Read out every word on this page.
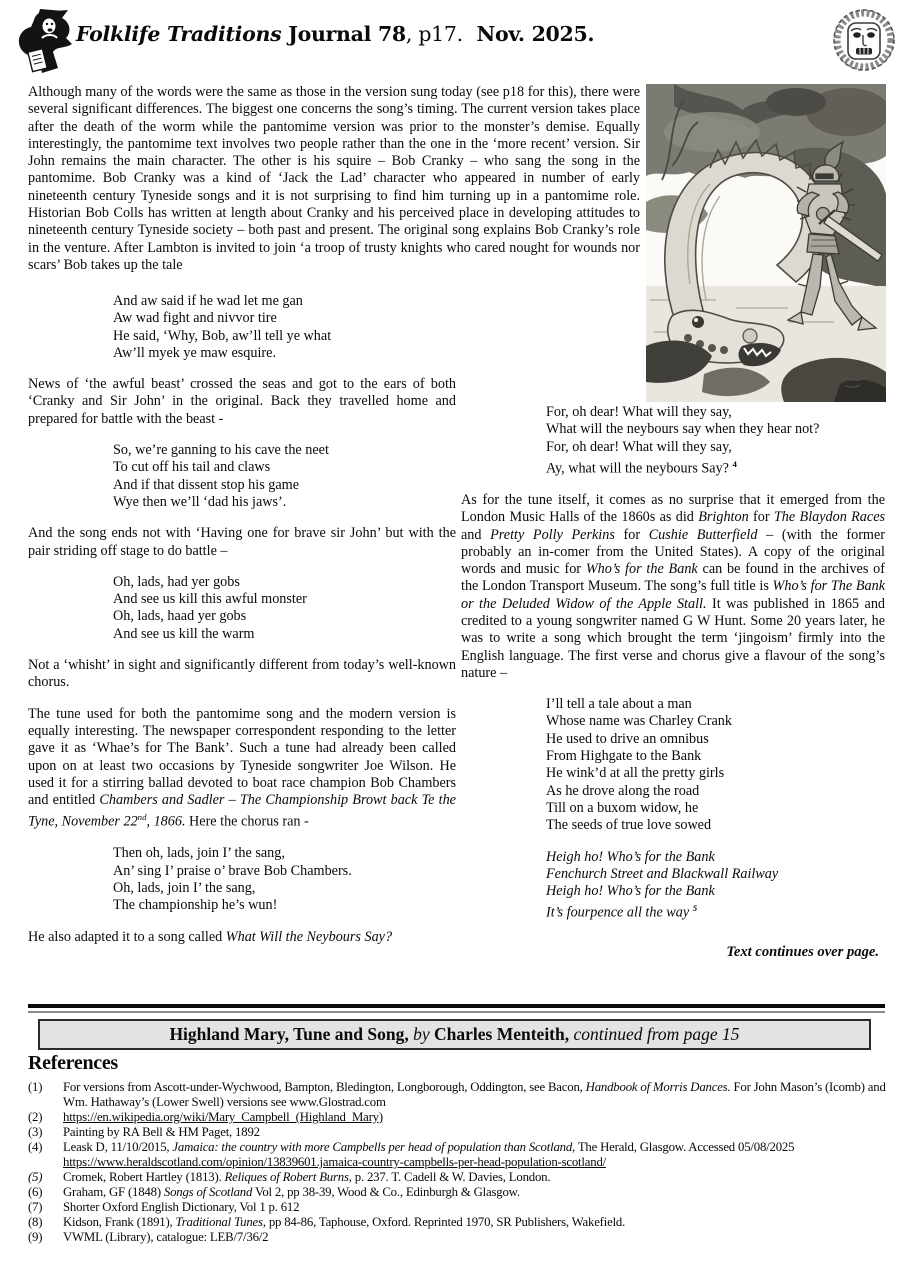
Folklife Traditions Journal 78, p17.  Nov. 2025.
Although many of the words were the same as those in the version sung today (see p18 for this), there were several significant differences. The biggest one concerns the song’s timing. The current version takes place after the death of the worm while the pantomime version was prior to the monster’s demise. Equally interestingly, the pantomime text involves two people rather than the one in the ‘more recent’ version. Sir John remains the main character. The other is his squire – Bob Cranky – who sang the song in the pantomime. Bob Cranky was a kind of ‘Jack the Lad’ character who appeared in number of early nineteenth century Tyneside songs and it is not surprising to find him turning up in a pantomime role. Historian Bob Colls has written at length about Cranky and his perceived place in developing attitudes to nineteenth century Tyneside society – both past and present. The original song explains Bob Cranky’s role in the venture. After Lambton is invited to join ‘a troop of trusty knights who cared nought for wounds nor scars’ Bob takes up the tale
And aw said if he wad let me gan
Aw wad fight and nivvor tire
He said, ‘Why, Bob, aw’ll tell ye what
Aw’ll myek ye maw esquire.
News of ‘the awful beast’ crossed the seas and got to the ears of both ‘Cranky and Sir John’ in the original. Back they travelled home and prepared for battle with the beast -
So, we’re ganning to his cave the neet
To cut off his tail and claws
And if that dissent stop his game
Wye then we’ll ‘dad his jaws’.
And the song ends not with ‘Having one for brave sir John’ but with the pair striding off stage to do battle –
Oh, lads, had yer gobs
And see us kill this awful monster
Oh, lads, haad yer gobs
And see us kill the warm
Not a ‘whisht’ in sight and significantly different from today’s well-known chorus.
The tune used for both the pantomime song and the modern version is equally interesting. The newspaper correspondent responding to the letter gave it as ‘Whae’s for The Bank’. Such a tune had already been called upon on at least two occasions by Tyneside songwriter Joe Wilson. He used it for a stirring ballad devoted to boat race champion Bob Chambers and entitled Chambers and Sadler – The Championship Browt back Te the Tyne, November 22nd, 1866. Here the chorus ran -
Then oh, lads, join I’ the sang,
An’ sing I’ praise o’ brave Bob Chambers.
Oh, lads, join I’ the sang,
The championship he’s wun!
He also adapted it to a song called What Will the Neybours Say?
For, oh dear! What will they say,
What will the neybours say when they hear not?
For, oh dear! What will they say,
Ay, what will the neybours Say? $^4$
As for the tune itself, it comes as no surprise that it emerged from the London Music Halls of the 1860s as did Brighton for The Blaydon Races and Pretty Polly Perkins for Cushie Butterfield – (with the former probably an in-comer from the United States). A copy of the original words and music for Who’s for the Bank can be found in the archives of the London Transport Museum. The song’s full title is Who’s for The Bank or the Deluded Widow of the Apple Stall. It was published in 1865 and credited to a young songwriter named G W Hunt. Some 20 years later, he was to write a song which brought the term ‘jingoism’ firmly into the English language. The first verse and chorus give a flavour of the song’s nature –
I’ll tell a tale about a man
Whose name was Charley Crank
He used to drive an omnibus
From Highgate to the Bank
He wink’d at all the pretty girls
As he drove along the road
Till on a buxom widow, he
The seeds of true love sowed
Heigh ho! Who’s for the Bank
Fenchurch Street and Blackwall Railway
Heigh ho! Who’s for the Bank
It’s fourpence all the way $^5$
Text continues over page.
Highland Mary, Tune and Song, by Charles Menteith, continued from page 15
References
(1)	For versions from Ascott-under-Wychwood, Bampton, Bledington, Longborough, Oddington, see Bacon, Handbook of Morris Dances. For John Mason’s (Icomb) and Wm. Hathaway’s (Lower Swell) versions see www.Glostrad.com
(2)	https://en.wikipedia.org/wiki/Mary_Campbell_(Highland_Mary)
(3)	Painting by RA Bell & HM Paget, 1892
(4)	Leask D, 11/10/2015, Jamaica: the country with more Campbells per head of population than Scotland, The Herald, Glasgow. Accessed 05/08/2025 https://www.heraldscotland.com/opinion/13839601.jamaica-country-campbells-per-head-population-scotland/
(5)	Cromek, Robert Hartley (1813). Reliques of Robert Burns, p. 237. T. Cadell & W. Davies, London.
(6)	Graham, GF (1848) Songs of Scotland Vol 2, pp 38-39, Wood & Co., Edinburgh & Glasgow.
(7)	Shorter Oxford English Dictionary, Vol 1 p. 612
(8)	Kidson, Frank (1891), Traditional Tunes, pp 84-86, Taphouse, Oxford. Reprinted 1970, SR Publishers, Wakefield.
(9)	VWML (Library), catalogue: LEB/7/36/2
